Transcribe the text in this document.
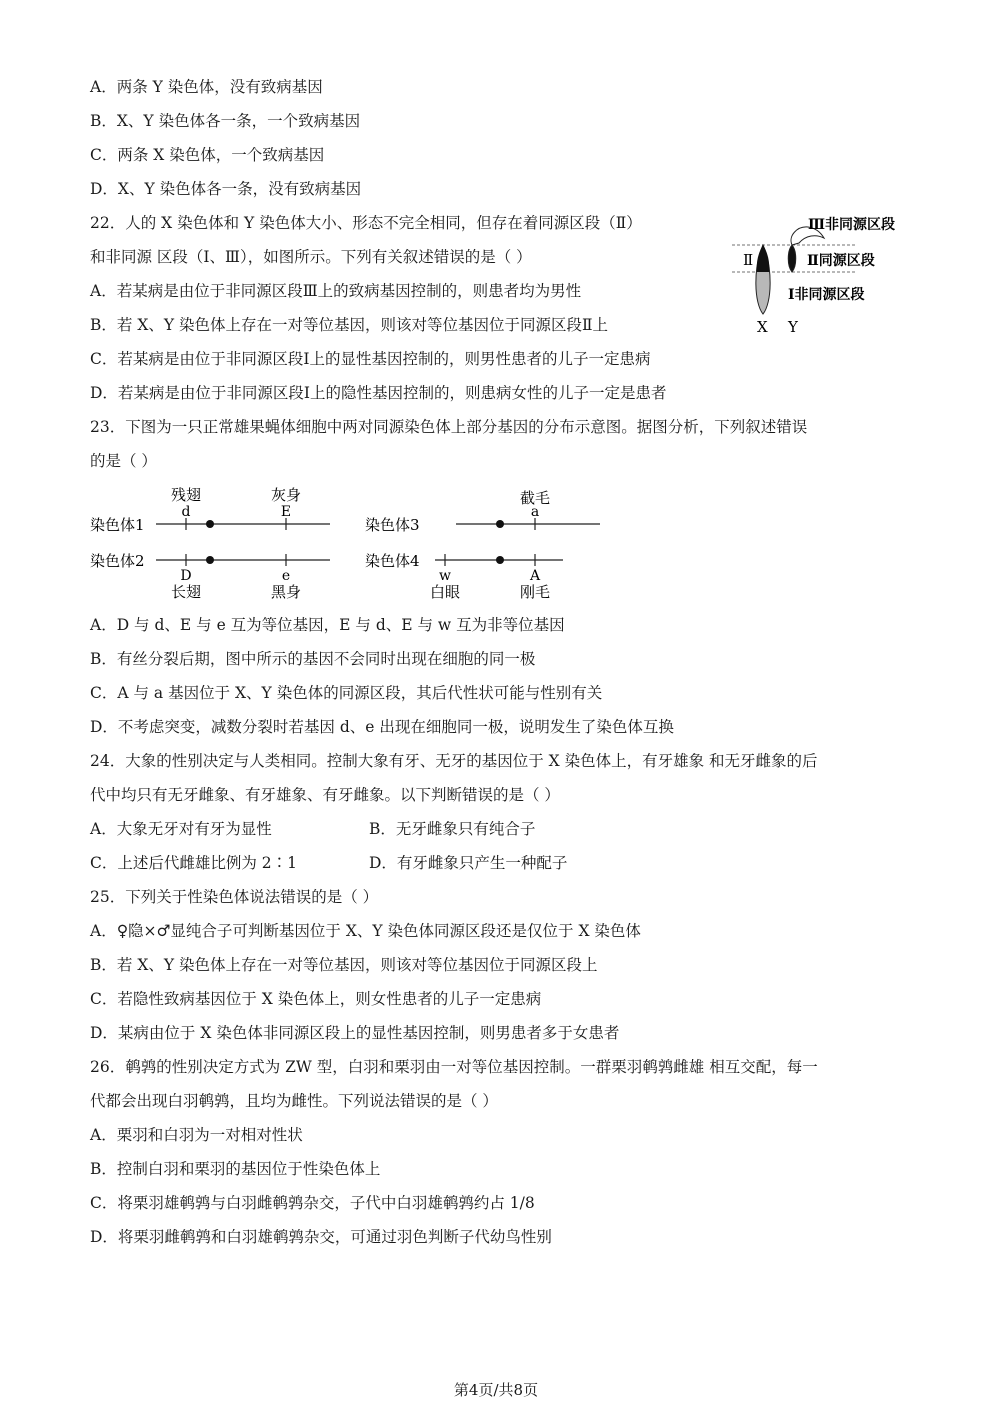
A．两条 Y 染色体，没有致病基因
B．X、Y 染色体各一条，一个致病基因
C．两条 X 染色体，一个致病基因
D．X、Y 染色体各一条，没有致病基因
22．人的 X 染色体和 Y 染色体大小、形态不完全相同，但存在着同源区段（Ⅱ）
和非同源 区段（Ⅰ、Ⅲ），如图所示。下列有关叙述错误的是（ ）
A．若某病是由位于非同源区段Ⅲ上的致病基因控制的，则患者均为男性
B．若 X、Y 染色体上存在一对等位基因，则该对等位基因位于同源区段Ⅱ上
C．若某病是由位于非同源区段Ⅰ上的显性基因控制的，则男性患者的儿子一定患病
D．若某病是由位于非同源区段Ⅰ上的隐性基因控制的，则患病女性的儿子一定是患者
Ⅲ非同源区段
Ⅱ同源区段
Ⅰ非同源区段
Ⅱ
X Y
23．下图为一只正常雄果蝇体细胞中两对同源染色体上部分基因的分布示意图。据图分析，下列叙述错误
的是（ ）
染色体1
残翅
d
灰身
E
染色体2
D
长翅
e
黑身
染色体3
截毛
a
染色体4
w
白眼
A
刚毛
A．D 与 d、E 与 e 互为等位基因，E 与 d、E 与 w 互为非等位基因
B．有丝分裂后期，图中所示的基因不会同时出现在细胞的同一极
C．A 与 a 基因位于 X、Y 染色体的同源区段，其后代性状可能与性别有关
D．不考虑突变，减数分裂时若基因 d、e 出现在细胞同一极，说明发生了染色体互换
24．大象的性别决定与人类相同。控制大象有牙、无牙的基因位于 X 染色体上，有牙雄象 和无牙雌象的后
代中均只有无牙雌象、有牙雄象、有牙雌象。以下判断错误的是（ ）
A．大象无牙对有牙为显性	B．无牙雌象只有纯合子
C．上述后代雌雄比例为 2∶1	D．有牙雌象只产生一种配子
25．下列关于性染色体说法错误的是（ ）
A．♀隐×♂显纯合子可判断基因位于 X、Y 染色体同源区段还是仅位于 X 染色体
B．若 X、Y 染色体上存在一对等位基因，则该对等位基因位于同源区段上
C．若隐性致病基因位于 X 染色体上，则女性患者的儿子一定患病
D．某病由位于 X 染色体非同源区段上的显性基因控制，则男患者多于女患者
26．鹌鹑的性别决定方式为 ZW 型，白羽和栗羽由一对等位基因控制。一群栗羽鹌鹑雌雄 相互交配，每一
代都会出现白羽鹌鹑，且均为雌性。下列说法错误的是（ ）
A．栗羽和白羽为一对相对性状
B．控制白羽和栗羽的基因位于性染色体上
C．将栗羽雄鹌鹑与白羽雌鹌鹑杂交，子代中白羽雄鹌鹑约占 1/8
D．将栗羽雌鹌鹑和白羽雄鹌鹑杂交，可通过羽色判断子代幼鸟性别
第4页/共8页
